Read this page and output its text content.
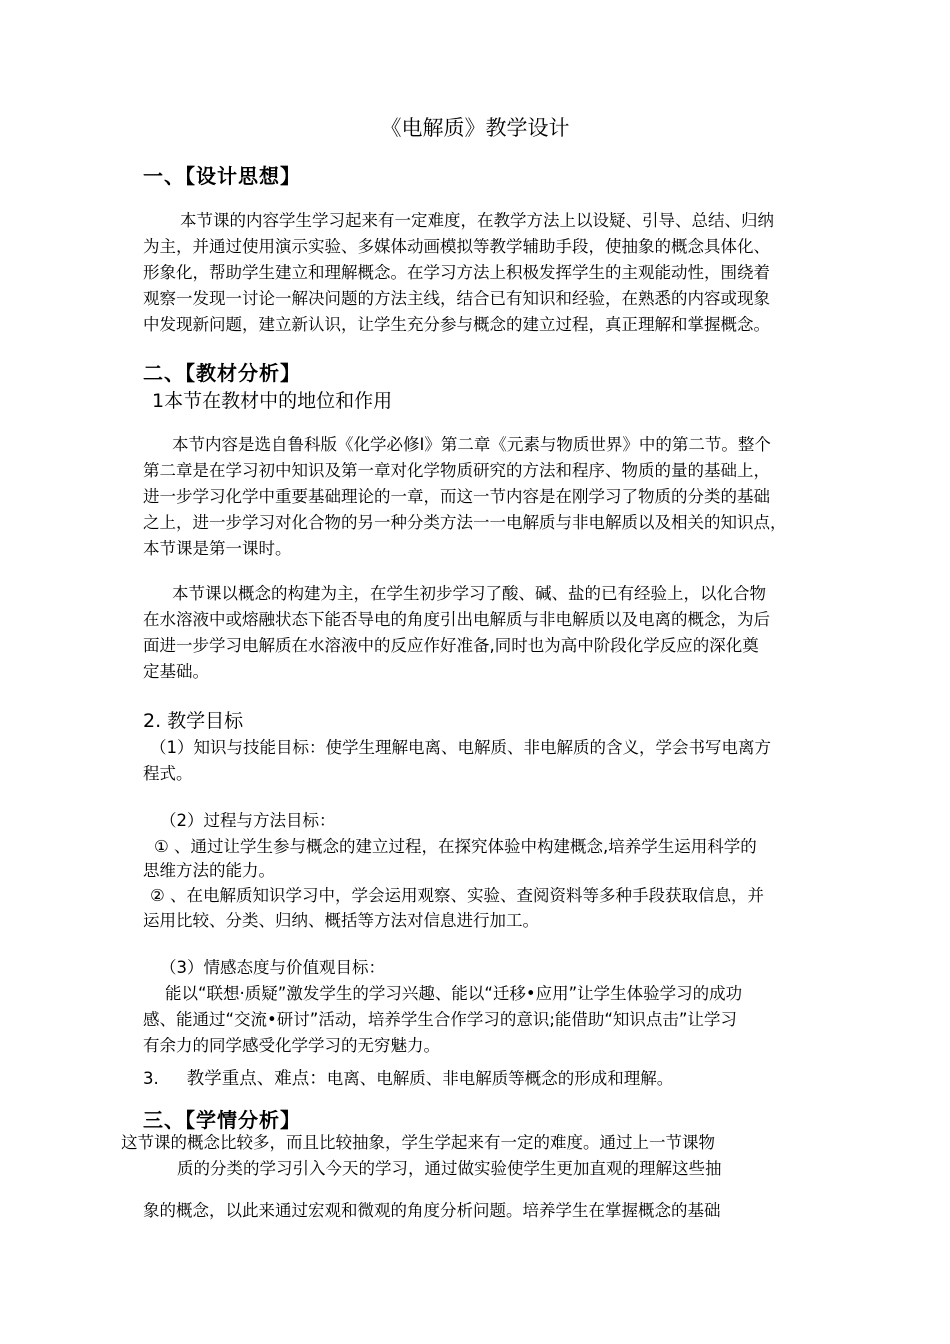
《电解质》教学设计
一、【设计思想】
本节课的内容学生学习起来有一定难度，在教学方法上以设疑、引导、总结、归纳
为主，并通过使用演示实验、多媒体动画模拟等教学辅助手段，使抽象的概念具体化、
形象化，帮助学生建立和理解概念。在学习方法上积极发挥学生的主观能动性，围绕着
观察一发现一讨论一解决问题的方法主线，结合已有知识和经验，在熟悉的内容或现象
中发现新问题，建立新认识，让学生充分参与概念的建立过程，真正理解和掌握概念。
二、【教材分析】
1本节在教材中的地位和作用
本节内容是选自鲁科版《化学必修Ⅰ》第二章《元素与物质世界》中的第二节。整个
第二章是在学习初中知识及第一章对化学物质研究的方法和程序、物质的量的基础上，
进一步学习化学中重要基础理论的一章，而这一节内容是在刚学习了物质的分类的基础
之上，进一步学习对化合物的另一种分类方法一一电解质与非电解质以及相关的知识点，
本节课是第一课时。
本节课以概念的构建为主，在学生初步学习了酸、碱、盐的已有经验上，以化合物
在水溶液中或熔融状态下能否导电的角度引出电解质与非电解质以及电离的概念，为后
面进一步学习电解质在水溶液中的反应作好准备,同时也为高中阶段化学反应的深化奠
定基础。
2. 教学目标
（1）知识与技能目标：使学生理解电离、电解质、非电解质的含义，学会书写电离方
程式。
（2）过程与方法目标：
① 、通过让学生参与概念的建立过程，在探究体验中构建概念,培养学生运用科学的
思维方法的能力。
② 、在电解质知识学习中，学会运用观察、实验、查阅资料等多种手段获取信息，并
运用比较、分类、归纳、概括等方法对信息进行加工。
（3）情感态度与价值观目标：
能以“联想·质疑”激发学生的学习兴趣、能以“迁移•应用”让学生体验学习的成功
感、能通过“交流•研讨”活动，培养学生合作学习的意识;能借助“知识点击”让学习
有余力的同学感受化学学习的无穷魅力。
3. 教学重点、难点：电离、电解质、非电解质等概念的形成和理解。
三、【学情分析】
这节课的概念比较多，而且比较抽象，学生学起来有一定的难度。通过上一节课物
质的分类的学习引入今天的学习，通过做实验使学生更加直观的理解这些抽
象的概念，以此来通过宏观和微观的角度分析问题。培养学生在掌握概念的基础
